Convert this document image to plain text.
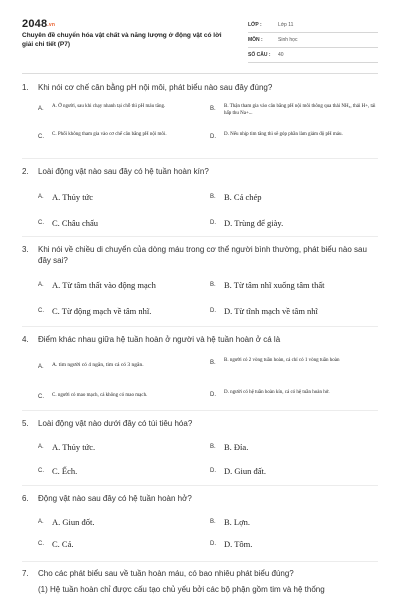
2048.vn
Chuyên đề chuyển hóa vật chất và năng lượng ở động vật có lời giải chi tiết (P7)
LỚP :	Lớp 11
MÔN :	Sinh học
SỐ CÂU :	40
1.	Khi nói cơ chế cân bằng pH nội môi, phát biểu nào sau đây đúng?
A.	A. Ở người, sau khi chạy nhanh tại chỗ thì pH máu tăng.	B.	B. Thận tham gia vào cân bằng pH nội môi thông qua thải NH₃, thải H+, tái hấp thu Na+...
C.	C. Phổi không tham gia vào cơ chế cân bằng pH nội môi.	D.	D. Nếu nhịp tim tăng thì sẽ góp phần làm giảm độ pH máu.
2.	Loài động vật nào sau đây có hệ tuần hoàn kín?
A. A. Thủy tức	B. B. Cá chép
C. C. Châu chấu	D. D. Trùng để giày.
3.	Khi nói về chiều di chuyển của dòng máu trong cơ thể người bình thường, phát biểu nào sau đây sai?
A. A. Từ tâm thất vào động mạch	B. B. Từ tâm nhĩ xuống tâm thất
C. C. Từ động mạch về tâm nhĩ.	D. D. Từ tĩnh mạch về tâm nhĩ
4.	Điểm khác nhau giữa hệ tuần hoàn ở người và hệ tuần hoàn ở cá là
A.	A. tim người có 4 ngăn, tim cá có 3 ngăn.	B.	B. người có 2 vòng tuần hoàn, cá chỉ có 1 vòng tuần hoàn
C.	C. người có mao mạch, cá không có mao mạch.	D.	D. người có hệ tuần hoàn kín, cá có hệ tuần hoàn hở.
5.	Loài động vật nào dưới đây có túi tiêu hóa?
A. A. Thủy tức.	B. B. Đỉa.
C. C. Ếch.	D. D. Giun đất.
6.	Động vật nào sau đây có hệ tuần hoàn hở?
A. A. Giun đốt.	B. B. Lợn.
C. C. Cá.	D. D. Tôm.
7.	Cho các phát biểu sau về tuần hoàn máu, có bao nhiêu phát biểu đúng?
(1) Hệ tuần hoàn chỉ được cấu tạo chủ yếu bởi các bộ phận gồm tim và hệ thống
